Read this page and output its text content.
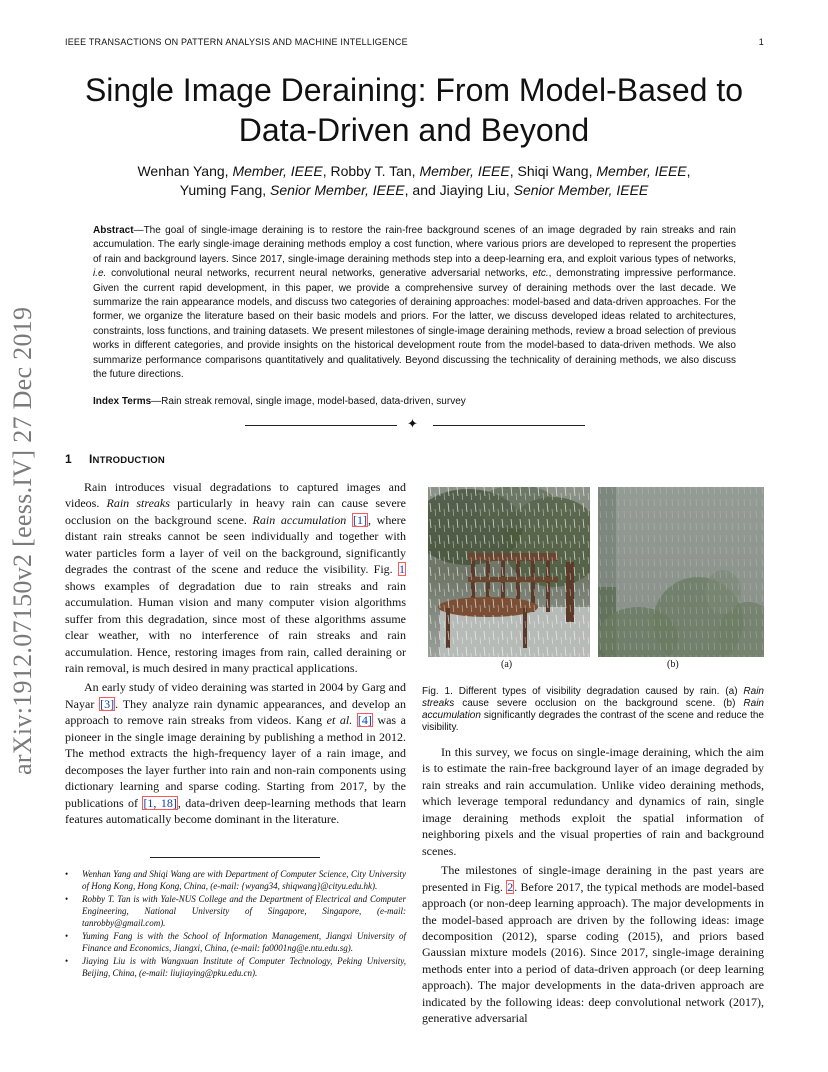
IEEE TRANSACTIONS ON PATTERN ANALYSIS AND MACHINE INTELLIGENCE	1
Single Image Deraining: From Model-Based to
Data-Driven and Beyond
Wenhan Yang, Member, IEEE, Robby T. Tan, Member, IEEE, Shiqi Wang, Member, IEEE,
Yuming Fang, Senior Member, IEEE, and Jiaying Liu, Senior Member, IEEE
Abstract—The goal of single-image deraining is to restore the rain-free background scenes of an image degraded by rain streaks and rain accumulation. The early single-image deraining methods employ a cost function, where various priors are developed to represent the properties of rain and background layers. Since 2017, single-image deraining methods step into a deep-learning era, and exploit various types of networks, i.e. convolutional neural networks, recurrent neural networks, generative adversarial networks, etc., demonstrating impressive performance. Given the current rapid development, in this paper, we provide a comprehensive survey of deraining methods over the last decade. We summarize the rain appearance models, and discuss two categories of deraining approaches: model-based and data-driven approaches. For the former, we organize the literature based on their basic models and priors. For the latter, we discuss developed ideas related to architectures, constraints, loss functions, and training datasets. We present milestones of single-image deraining methods, review a broad selection of previous works in different categories, and provide insights on the historical development route from the model-based to data-driven methods. We also summarize performance comparisons quantitatively and qualitatively. Beyond discussing the technicality of deraining methods, we also discuss the future directions.
Index Terms—Rain streak removal, single image, model-based, data-driven, survey
✦
1 INTRODUCTION

Rain introduces visual degradations to captured images and videos. Rain streaks particularly in heavy rain can cause severe occlusion on the background scene. Rain accumulation [1], where distant rain streaks cannot be seen individually and together with water particles form a layer of veil on the background, significantly degrades the contrast of the scene and reduce the visibility. Fig. 1 shows examples of degradation due to rain streaks and rain accumulation. Human vision and many computer vision algorithms suffer from this degradation, since most of these algorithms assume clear weather, with no interference of rain streaks and rain accumulation. Hence, restoring images from rain, called deraining or rain removal, is much desired in many practical applications.

An early study of video deraining was started in 2004 by Garg and Nayar [3]. They analyze rain dynamic appearances, and develop an approach to remove rain streaks from videos. Kang et al. [4] was a pioneer in the single image deraining by publishing a method in 2012. The method extracts the high-frequency layer of a rain image, and decomposes the layer further into rain and non-rain components using dictionary learning and sparse coding. Starting from 2017, by the publications of [1, 18], data-driven deep-learning methods that learn features automatically become dominant in the literature.

• Wenhan Yang and Shiqi Wang are with Department of Computer Science, City University of Hong Kong, Hong Kong, China, (e-mail: {wyang34, shiqwang}@cityu.edu.hk).
• Robby T. Tan is with Yale-NUS College and the Department of Electrical and Computer Engineering, National University of Singapore, Singapore, (e-mail: tanrobby@gmail.com).
• Yuming Fang is with the School of Information Management, Jiangxi University of Finance and Economics, Jiangxi, China, (e-mail: fa0001ng@e.ntu.edu.sg).
• Jiaying Liu is with Wangxuan Institute of Computer Technology, Peking University, Beijing, China, (e-mail: liujiaying@pku.edu.cn).
arXiv:1912.07150v2 [eess.IV] 27 Dec 2019	(a)	(b)
Fig. 1. Different types of visibility degradation caused by rain. (a) Rain streaks cause severe occlusion on the background scene. (b) Rain accumulation significantly degrades the contrast of the scene and reduce the visibility.

In this survey, we focus on single-image deraining, which the aim is to estimate the rain-free background layer of an image degraded by rain streaks and rain accumulation. Unlike video deraining methods, which leverage temporal redundancy and dynamics of rain, single image deraining methods exploit the spatial information of neighboring pixels and the visual properties of rain and background scenes.

The milestones of single-image deraining in the past years are presented in Fig. 2. Before 2017, the typical methods are model-based approach (or non-deep learning approach). The major developments in the model-based approach are driven by the following ideas: image decomposition (2012), sparse coding (2015), and priors based Gaussian mixture models (2016). Since 2017, single-image deraining methods enter into a period of data-driven approach (or deep learning approach). The major developments in the data-driven approach are indicated by the following ideas: deep convolutional network (2017), generative adversarial
